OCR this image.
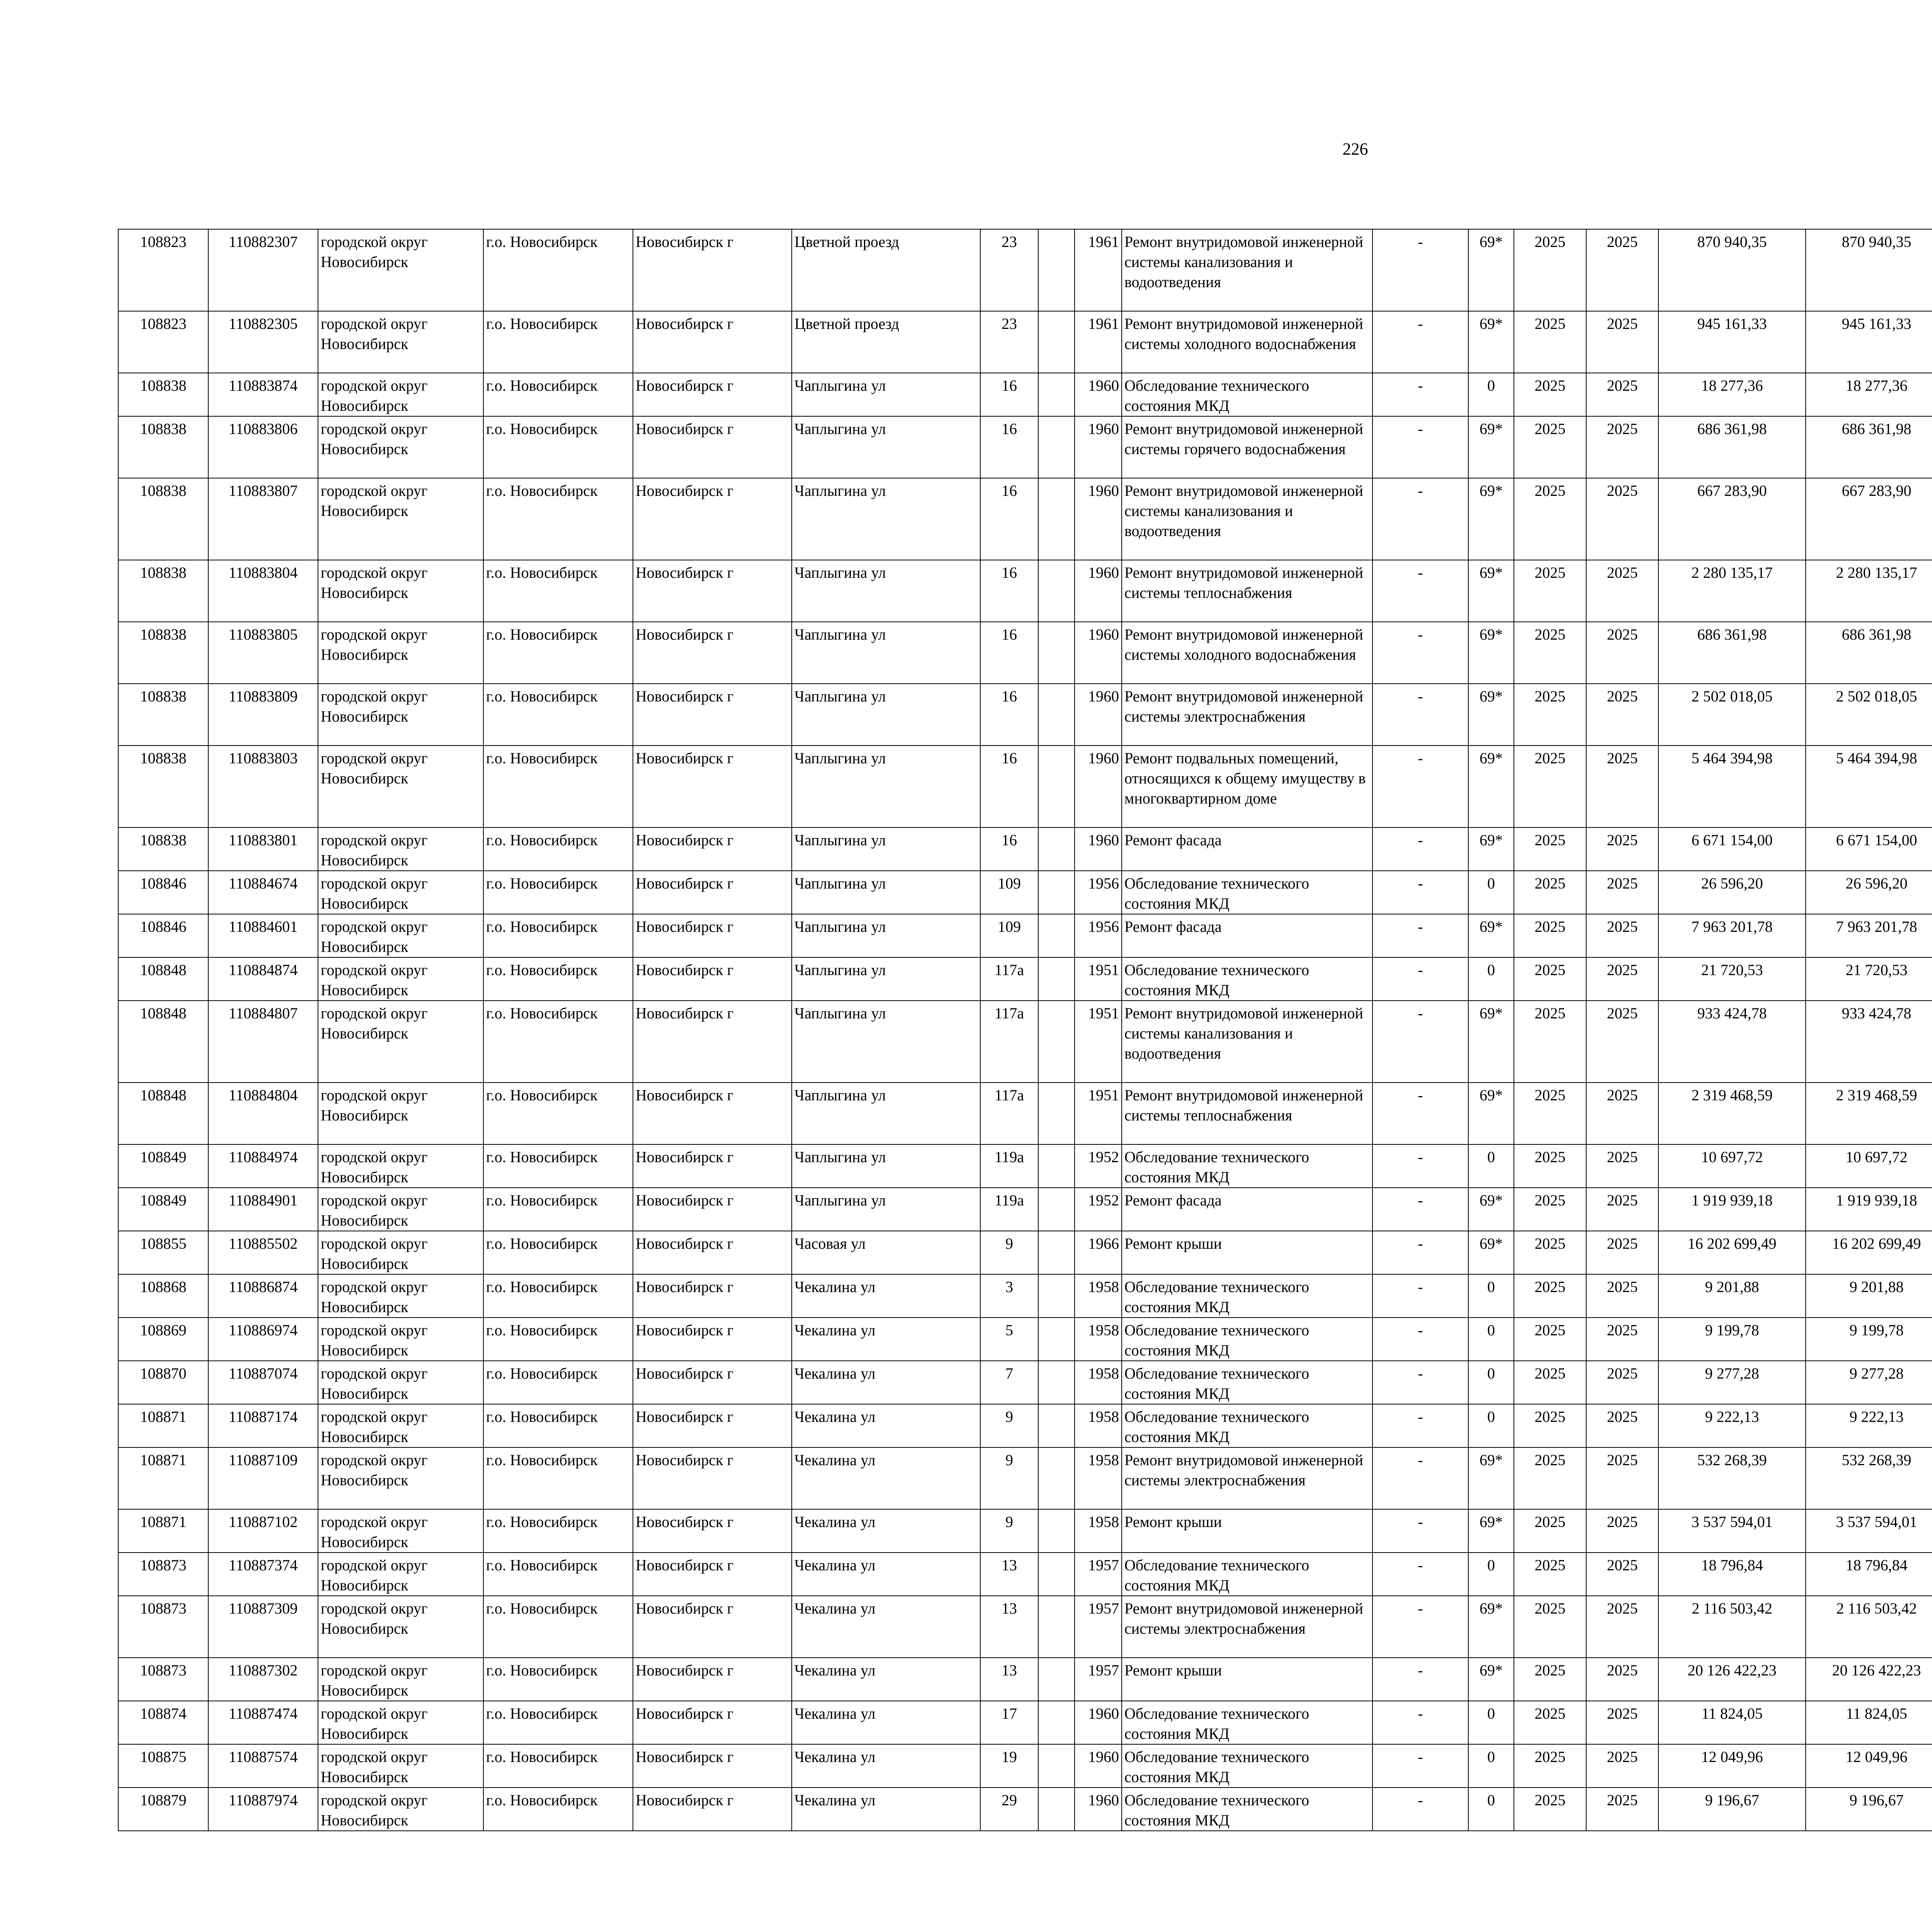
226
108823	110882307	городской округ Новосибирск	г.о. Новосибирск	Новосибирск г	Цветной проезд	23		1961	Ремонт внутридомовой инженерной системы канализования и водоотведения	-	69*	2025	2025	870 940,35	870 940,35						
108823	110882305	городской округ Новосибирск	г.о. Новосибирск	Новосибирск г	Цветной проезд	23		1961	Ремонт внутридомовой инженерной системы холодного водоснабжения	-	69*	2025	2025	945 161,33	945 161,33						
108838	110883874	городской округ Новосибирск	г.о. Новосибирск	Новосибирск г	Чаплыгина ул	16		1960	Обследование технического состояния МКД	-	0	2025	2025	18 277,36	18 277,36						
108838	110883806	городской округ Новосибирск	г.о. Новосибирск	Новосибирск г	Чаплыгина ул	16		1960	Ремонт внутридомовой инженерной системы горячего водоснабжения	-	69*	2025	2025	686 361,98	686 361,98						
108838	110883807	городской округ Новосибирск	г.о. Новосибирск	Новосибирск г	Чаплыгина ул	16		1960	Ремонт внутридомовой инженерной системы канализования и водоотведения	-	69*	2025	2025	667 283,90	667 283,90						
108838	110883804	городской округ Новосибирск	г.о. Новосибирск	Новосибирск г	Чаплыгина ул	16		1960	Ремонт внутридомовой инженерной системы теплоснабжения	-	69*	2025	2025	2 280 135,17	2 280 135,17						
108838	110883805	городской округ Новосибирск	г.о. Новосибирск	Новосибирск г	Чаплыгина ул	16		1960	Ремонт внутридомовой инженерной системы холодного водоснабжения	-	69*	2025	2025	686 361,98	686 361,98						
108838	110883809	городской округ Новосибирск	г.о. Новосибирск	Новосибирск г	Чаплыгина ул	16		1960	Ремонт внутридомовой инженерной системы электроснабжения	-	69*	2025	2025	2 502 018,05	2 502 018,05						
108838	110883803	городской округ Новосибирск	г.о. Новосибирск	Новосибирск г	Чаплыгина ул	16		1960	Ремонт подвальных помещений, относящихся к общему имуществу в многоквартирном доме	-	69*	2025	2025	5 464 394,98	5 464 394,98						
108838	110883801	городской округ Новосибирск	г.о. Новосибирск	Новосибирск г	Чаплыгина ул	16		1960	Ремонт фасада	-	69*	2025	2025	6 671 154,00	6 671 154,00						
108846	110884674	городской округ Новосибирск	г.о. Новосибирск	Новосибирск г	Чаплыгина ул	109		1956	Обследование технического состояния МКД	-	0	2025	2025	26 596,20	26 596,20						
108846	110884601	городской округ Новосибирск	г.о. Новосибирск	Новосибирск г	Чаплыгина ул	109		1956	Ремонт фасада	-	69*	2025	2025	7 963 201,78	7 963 201,78						
108848	110884874	городской округ Новосибирск	г.о. Новосибирск	Новосибирск г	Чаплыгина ул	117а		1951	Обследование технического состояния МКД	-	0	2025	2025	21 720,53	21 720,53						
108848	110884807	городской округ Новосибирск	г.о. Новосибирск	Новосибирск г	Чаплыгина ул	117а		1951	Ремонт внутридомовой инженерной системы канализования и водоотведения	-	69*	2025	2025	933 424,78	933 424,78						
108848	110884804	городской округ Новосибирск	г.о. Новосибирск	Новосибирск г	Чаплыгина ул	117а		1951	Ремонт внутридомовой инженерной системы теплоснабжения	-	69*	2025	2025	2 319 468,59	2 319 468,59						
108849	110884974	городской округ Новосибирск	г.о. Новосибирск	Новосибирск г	Чаплыгина ул	119а		1952	Обследование технического состояния МКД	-	0	2025	2025	10 697,72	10 697,72						
108849	110884901	городской округ Новосибирск	г.о. Новосибирск	Новосибирск г	Чаплыгина ул	119а		1952	Ремонт фасада	-	69*	2025	2025	1 919 939,18	1 919 939,18						
108855	110885502	городской округ Новосибирск	г.о. Новосибирск	Новосибирск г	Часовая ул	9		1966	Ремонт крыши	-	69*	2025	2025	16 202 699,49	16 202 699,49						
108868	110886874	городской округ Новосибирск	г.о. Новосибирск	Новосибирск г	Чекалина ул	3		1958	Обследование технического состояния МКД	-	0	2025	2025	9 201,88	9 201,88						
108869	110886974	городской округ Новосибирск	г.о. Новосибирск	Новосибирск г	Чекалина ул	5		1958	Обследование технического состояния МКД	-	0	2025	2025	9 199,78	9 199,78						
108870	110887074	городской округ Новосибирск	г.о. Новосибирск	Новосибирск г	Чекалина ул	7		1958	Обследование технического состояния МКД	-	0	2025	2025	9 277,28	9 277,28						
108871	110887174	городской округ Новосибирск	г.о. Новосибирск	Новосибирск г	Чекалина ул	9		1958	Обследование технического состояния МКД	-	0	2025	2025	9 222,13	9 222,13						
108871	110887109	городской округ Новосибирск	г.о. Новосибирск	Новосибирск г	Чекалина ул	9		1958	Ремонт внутридомовой инженерной системы электроснабжения	-	69*	2025	2025	532 268,39	532 268,39						
108871	110887102	городской округ Новосибирск	г.о. Новосибирск	Новосибирск г	Чекалина ул	9		1958	Ремонт крыши	-	69*	2025	2025	3 537 594,01	3 537 594,01						
108873	110887374	городской округ Новосибирск	г.о. Новосибирск	Новосибирск г	Чекалина ул	13		1957	Обследование технического состояния МКД	-	0	2025	2025	18 796,84	18 796,84						
108873	110887309	городской округ Новосибирск	г.о. Новосибирск	Новосибирск г	Чекалина ул	13		1957	Ремонт внутридомовой инженерной системы электроснабжения	-	69*	2025	2025	2 116 503,42	2 116 503,42						
108873	110887302	городской округ Новосибирск	г.о. Новосибирск	Новосибирск г	Чекалина ул	13		1957	Ремонт крыши	-	69*	2025	2025	20 126 422,23	20 126 422,23						
108874	110887474	городской округ Новосибирск	г.о. Новосибирск	Новосибирск г	Чекалина ул	17		1960	Обследование технического состояния МКД	-	0	2025	2025	11 824,05	11 824,05						
108875	110887574	городской округ Новосибирск	г.о. Новосибирск	Новосибирск г	Чекалина ул	19		1960	Обследование технического состояния МКД	-	0	2025	2025	12 049,96	12 049,96						
108879	110887974	городской округ Новосибирск	г.о. Новосибирск	Новосибирск г	Чекалина ул	29		1960	Обследование технического состояния МКД	-	0	2025	2025	9 196,67	9 196,67						
